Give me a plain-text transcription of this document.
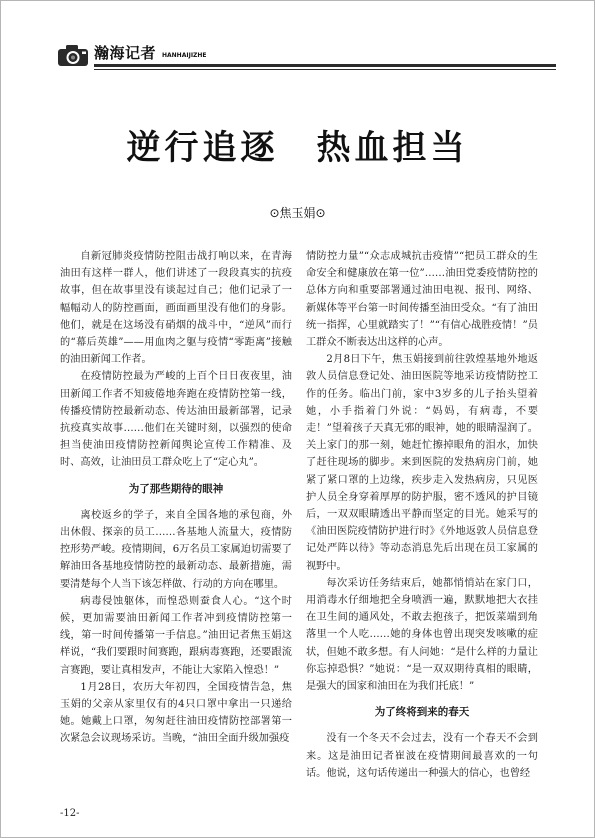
瀚海记者 HANHAIJIZHE
逆行追逐　热血担当
⊙焦玉娟⊙

自新冠肺炎疫情防控阻击战打响以来，在青海油田有这样一群人，他们讲述了一段段真实的抗疫故事，但在故事里没有谈起过自己；他们记录了一幅幅动人的防控画面，画面画里没有他们的身影。他们，就是在这场没有硝烟的战斗中，“逆风”而行的“幕后英雄”——用血肉之躯与疫情“零距离”接触的油田新闻工作者。

在疫情防控最为严峻的上百个日日夜夜里，油田新闻工作者不知疲倦地奔跑在疫情防控第一线，传播疫情防控最新动态、传达油田最新部署，记录抗疫真实故事……他们在关键时刻，以强烈的使命担当使油田疫情防控新闻舆论宣传工作精准、及时、高效，让油田员工群众吃上了“定心丸”。

为了那些期待的眼神

离校返乡的学子，来自全国各地的承包商，外出休假、探亲的员工……各基地人流量大，疫情防控形势严峻。疫情期间，6万名员工家属迫切需要了解油田各基地疫情防控的最新动态、最新措施，需要清楚每个人当下该怎样做、行动的方向在哪里。

病毒侵蚀躯体，而惶恐则蚕食人心。“这个时候，更加需要油田新闻工作者冲到疫情防控第一线，第一时间传播第一手信息。”油田记者焦玉娟这样说，“我们要跟时间赛跑，跟病毒赛跑，还要跟流言赛跑，要让真相发声，不能让大家陷入惶恐！”

1月28日，农历大年初四，全国疫情告急，焦玉娟的父亲从家里仅有的4只口罩中拿出一只递给她。她戴上口罩，匆匆赶往油田疫情防控部署第一次紧急会议现场采访。当晚，“油田全面升级加强疫

情防控力量”“众志成城抗击疫情”“把员工群众的生命安全和健康放在第一位”……油田党委疫情防控的总体方向和重要部署通过油田电视、报刊、网络、新媒体等平台第一时间传播至油田受众。“有了油田统一指挥，心里就踏实了！”“有信心战胜疫情！”员工群众不断表达出这样的心声。

2月8日下午，焦玉娟接到前往敦煌基地外地返敦人员信息登记处、油田医院等地采访疫情防控工作的任务。临出门前，家中3岁多的儿子抬头望着她，小手指着门外说：“妈妈，有病毒，不要走！”望着孩子天真无邪的眼神，她的眼睛湿润了。关上家门的那一刻，她赶忙擦掉眼角的泪水，加快了赶往现场的脚步。来到医院的发热病房门前，她紧了紧口罩的上边缘，疾步走入发热病房，只见医护人员全身穿着厚厚的防护服，密不透风的护目镜后，一双双眼睛透出平静而坚定的目光。她采写的《油田医院疫情防护进行时》《外地返敦人员信息登记处严阵以待》等动态消息先后出现在员工家属的视野中。

每次采访任务结束后，她都悄悄站在家门口，用消毒水仔细地把全身喷洒一遍，默默地把大衣挂在卫生间的通风处，不敢去抱孩子，把饭菜端到角落里一个人吃……她的身体也曾出现突发咳嗽的症状，但她不敢多想。有人问她：“是什么样的力量让你忘掉恐惧？”她说：“是一双双期待真相的眼睛，是强大的国家和油田在为我们托底！”

为了终将到来的春天

没有一个冬天不会过去，没有一个春天不会到来。这是油田记者崔波在疫情期间最喜欢的一句话。他说，这句话传递出一种强大的信心，也曾经

-12-
